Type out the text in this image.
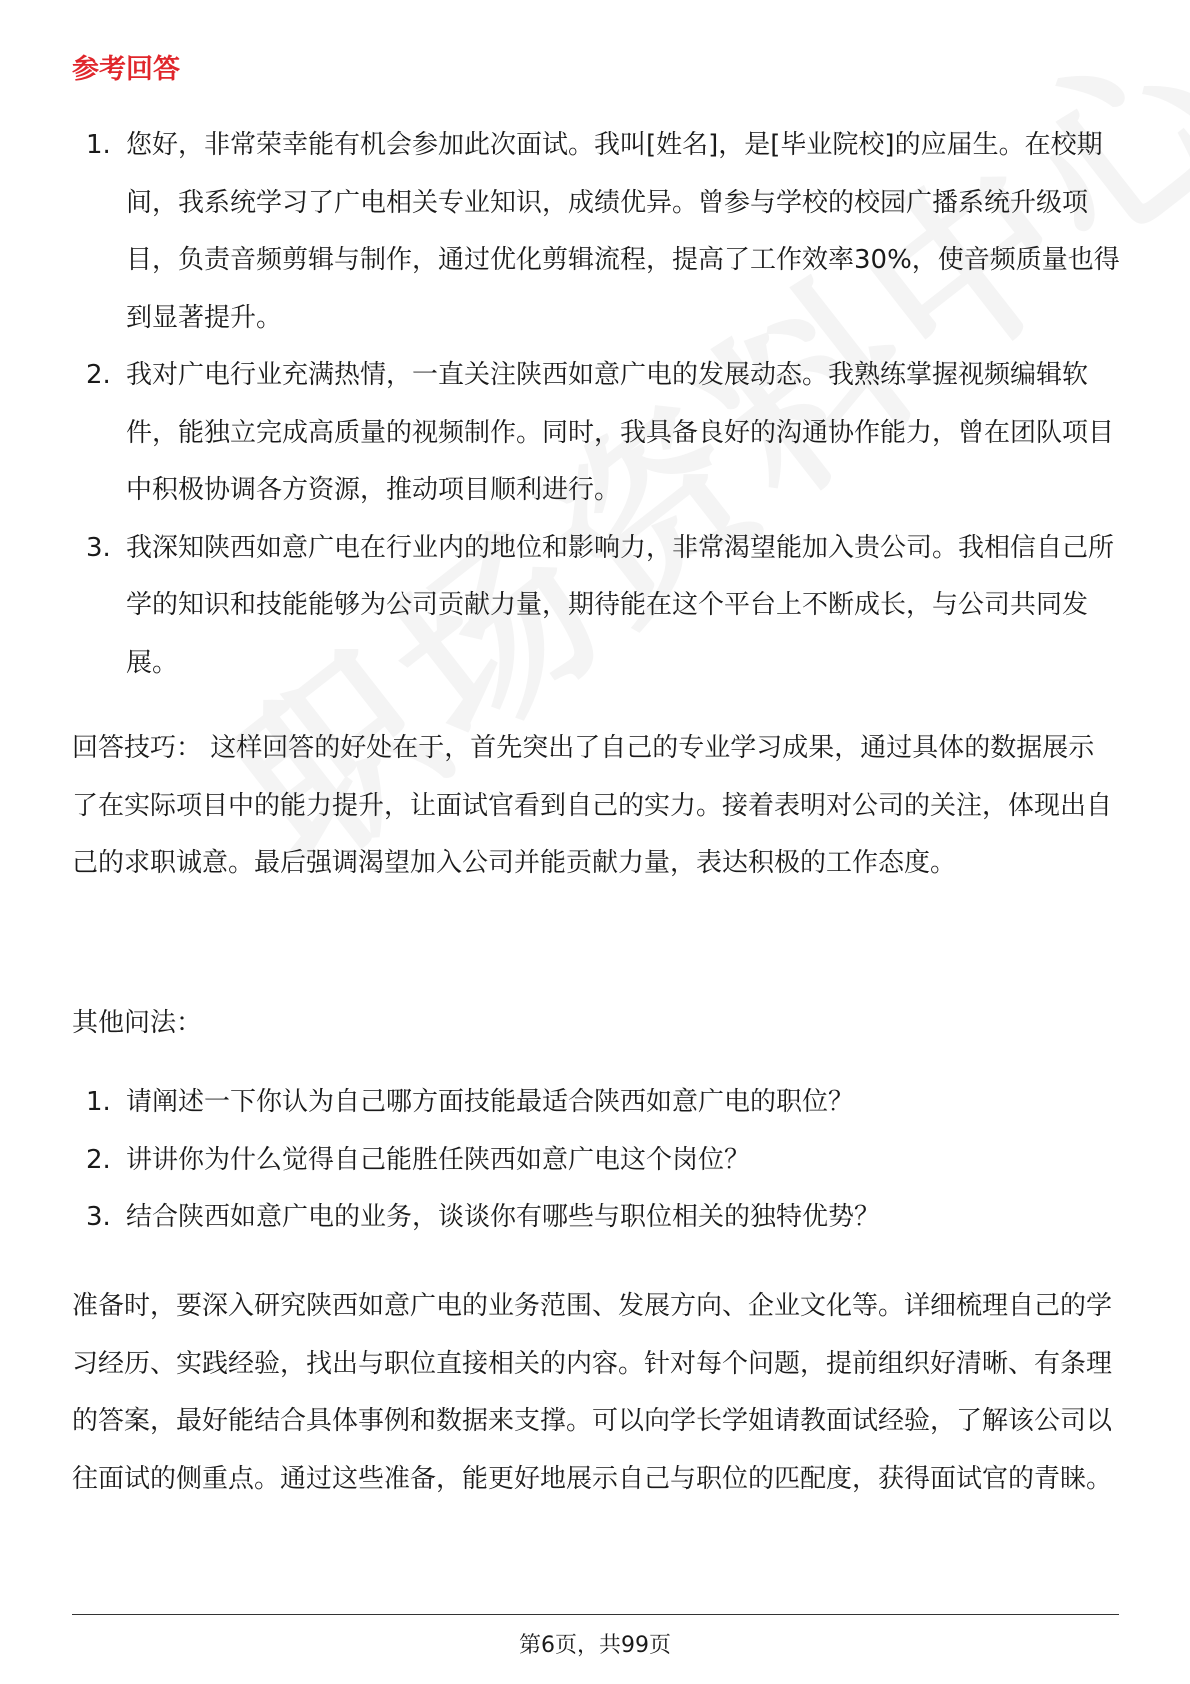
参考回答
1. 您好，非常荣幸能有机会参加此次面试。我叫[姓名]，是[毕业院校]的应届生。在校期间，我系统学习了广电相关专业知识，成绩优异。曾参与学校的校园广播系统升级项目，负责音频剪辑与制作，通过优化剪辑流程，提高了工作效率30%，使音频质量也得到显著提升。
2. 我对广电行业充满热情，一直关注陕西如意广电的发展动态。我熟练掌握视频编辑软件，能独立完成高质量的视频制作。同时，我具备良好的沟通协作能力，曾在团队项目中积极协调各方资源，推动项目顺利进行。
3. 我深知陕西如意广电在行业内的地位和影响力，非常渴望能加入贵公司。我相信自己所学的知识和技能能够为公司贡献力量，期待能在这个平台上不断成长，与公司共同发展。

回答技巧： 这样回答的好处在于，首先突出了自己的专业学习成果，通过具体的数据展示了在实际项目中的能力提升，让面试官看到自己的实力。接着表明对公司的关注，体现出自己的求职诚意。最后强调渴望加入公司并能贡献力量，表达积极的工作态度。

其他问法：

1. 请阐述一下你认为自己哪方面技能最适合陕西如意广电的职位？
2. 讲讲你为什么觉得自己能胜任陕西如意广电这个岗位？
3. 结合陕西如意广电的业务，谈谈你有哪些与职位相关的独特优势？

准备时，要深入研究陕西如意广电的业务范围、发展方向、企业文化等。详细梳理自己的学习经历、实践经验，找出与职位直接相关的内容。针对每个问题，提前组织好清晰、有条理的答案，最好能结合具体事例和数据来支撑。可以向学长学姐请教面试经验，了解该公司以往面试的侧重点。通过这些准备，能更好地展示自己与职位的匹配度，获得面试官的青睐。

第6页，共99页
